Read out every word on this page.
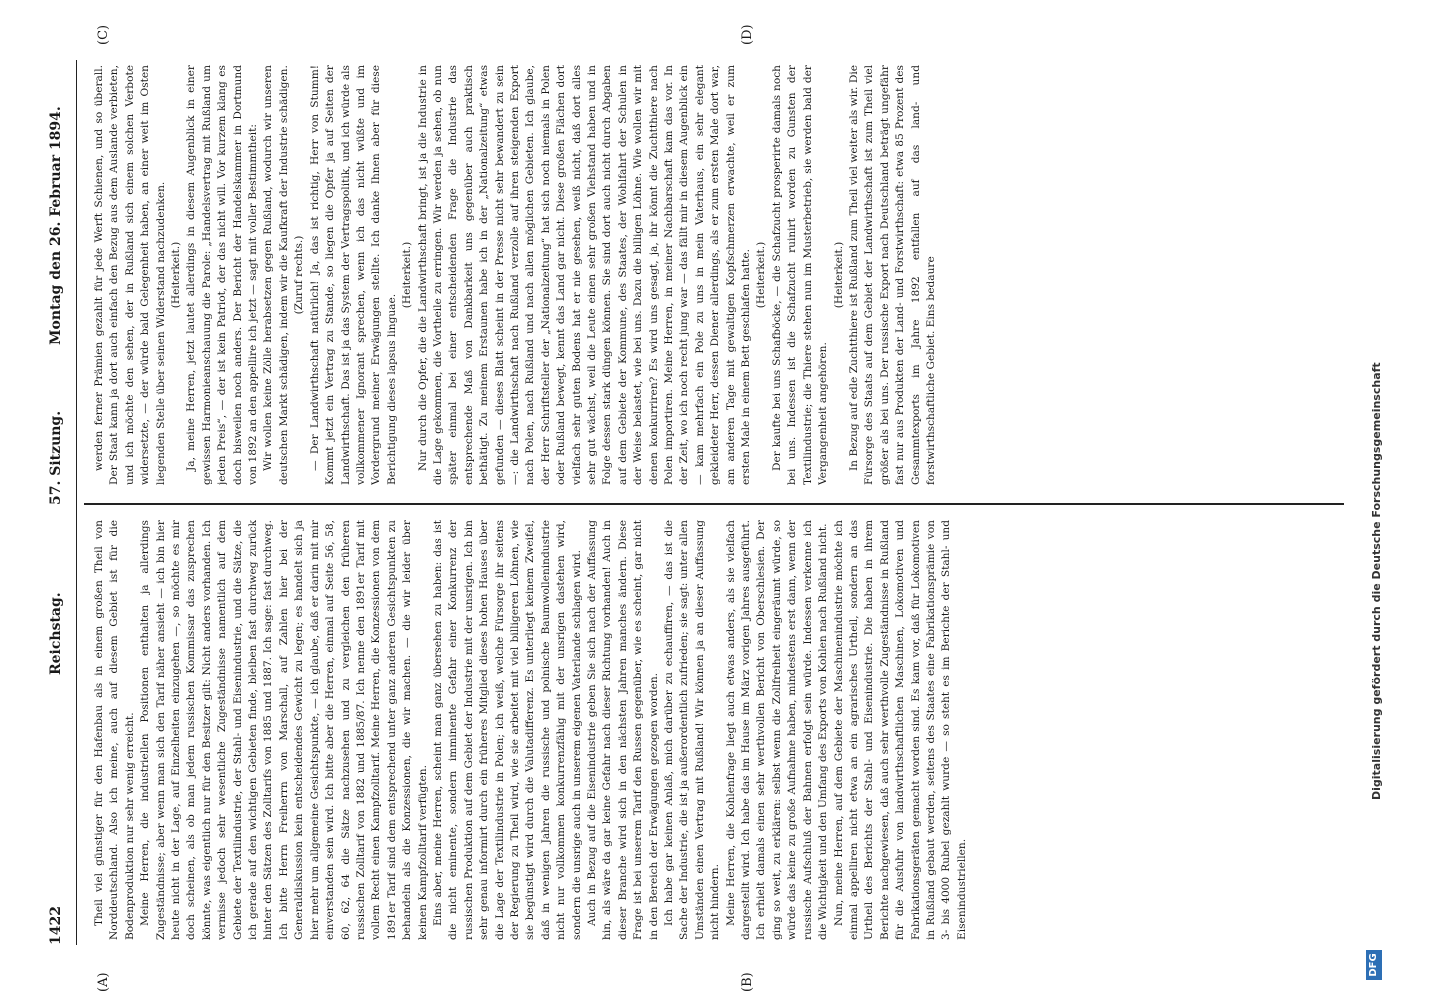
1422
Reichstag.
57. Sitzung.
Montag den 26. Februar 1894.
(A)	(B)
(C)	(D)

Theil viel günstiger für den Hafenbau als in einem großen Theil von Norddeutschland. Also ich meine, auch auf diesem Gebiet ist für die Bodenproduktion nur sehr wenig erreicht. Meine Herren, die industriellen Positionen enthalten ja allerdings Zugeständnisse; aber wenn man sich den Tarif näher ansieht — ich bin hier heute nicht in der Lage, auf Einzelheiten einzugehen —, so möchte es mir doch scheinen, als ob man jedem russischen Kommissar das zusprechen könnte, was eigentlich nur für den Besitzer gilt: Nicht anders vorhanden. Ich vermisse jedoch sehr wesentliche Zugeständnisse namentlich auf dem Gebiete der Textilindustrie, der Stahl- und Eisenindustrie, und die Sätze, die ich gerade auf den wichtigen Gebieten finde, bleiben fast durchweg zurück hinter den Sätzen des Zolltarifs von 1885 und 1887. Ich sage: fast durchweg. Ich bitte Herrn Freiherrn von Marschall, auf Zahlen hier bei der Generaldiskussion kein entscheidendes Gewicht zu legen; es handelt sich ja hier mehr um allgemeine Gesichtspunkte, — ich glaube, daß er darin mit mir einverstanden sein wird. Ich bitte aber die Herren, einmal auf Seite 56, 58, 60, 62, 64 die Sätze nachzusehen und zu vergleichen den früheren russischen Zolltarif von 1882 und 1885/87. Ich nenne den 1891er Tarif mit vollem Recht einen Kampfzolltarif. Meine Herren, die Konzessionen von dem 1891er Tarif sind dem entsprechend unter ganz anderen Gesichtspunkten zu behandeln als die Konzessionen, die wir machen. — die wir leider über keinen Kampfzolltarif verfügten. Eins aber, meine Herren, scheint man ganz übersehen zu haben: das ist die nicht eminente, sondern imminente Gefahr einer Konkurrenz der russischen Produktion auf dem Gebiet der Industrie mit der unsrigen. Ich bin sehr genau informirt durch ein früheres Mitglied dieses hohen Hauses über die Lage der Textilindustrie in Polen; ich weiß, welche Fürsorge ihr seitens der Regierung zu Theil wird, wie sie arbeitet mit viel billigeren Löhnen, wie sie begünstigt wird durch die Valutadifferenz. Es unterliegt keinem Zweifel, daß in wenigen Jahren die russische und polnische Baumwollenindustrie nicht nur vollkommen konkurrenzfähig mit der unsrigen dastehen wird, sondern die unsrige auch in unserem eigenen Vaterlande schlagen wird. Auch in Bezug auf die Eisenindustrie geben Sie sich nach der Auffassung hin, als wäre da gar keine Gefahr nach dieser Richtung vorhanden! Auch in dieser Branche wird sich in den nächsten Jahren manches ändern. Diese Frage ist bei unserem Tarif den Russen gegenüber, wie es scheint, gar nicht in den Bereich der Erwägungen gezogen worden. Ich habe gar keinen Anlaß, mich darüber zu echauffiren, — das ist die Sache der Industrie, die ist ja außerordentlich zufrieden; sie sagt: unter allen Umständen einen Vertrag mit Rußland! Wir können ja an dieser Auffassung nicht hindern. Meine Herren, die Kohlenfrage liegt auch etwas anders, als sie vielfach dargestellt wird. Ich habe das im Hause im März vorigen Jahres ausgeführt. Ich erhielt damals einen sehr werthvollen Bericht von Oberschlesien. Der ging so weit, zu erklären: selbst wenn die Zollfreiheit eingeräumt würde, so würde das keine zu große Aufnahme haben, mindestens erst dann, wenn der russische Aufschluß der Bahnen erfolgt sein würde. Indessen verkenne ich die Wichtigkeit und den Umfang des Exports von Kohlen nach Rußland nicht. Nun, meine Herren, auf dem Gebiete der Maschinenindustrie möchte ich einmal appelliren nicht etwa an ein agrarisches Urtheil, sondern an das Urtheil des Berichts der Stahl- und Eisenindustrie. Die haben in ihrem Berichte nachgewiesen, daß auch sehr werthvolle Zugeständnisse in Rußland für die Ausfuhr von landwirthschaftlichen Maschinen, Lokomotiven und Fabrikationsgeräten gemacht worden sind. Es kam vor, daß für Lokomotiven in Rußland gebaut werden, seitens des Staates eine Fabrikationsprämie von 3- bis 4000 Rubel gezahlt wurde — so steht es im Berichte der Stahl- und Eisenindustriellen.

werden ferner Prämien gezahlt für jede Werft Schienen, und so überall. Der Staat kann ja dort auch einfach den Bezug aus dem Auslande verbieten, und ich möchte den sehen, der in Rußland sich einem solchen Verbote widersetzte, — der würde bald Gelegenheit haben, an einer weit im Osten liegenden Stelle über seinen Widerstand nachzudenken. (Heiterkeit.) Ja, meine Herren, jetzt lautet allerdings in diesem Augenblick in einer gewissen Harmonieanschauung die Parole: „Handelsvertrag mit Rußland um jeden Preis“, — der ist kein Patriot, der das nicht will. Vor kurzem klang es doch bisweilen noch anders. Der Bericht der Handelskammer in Dortmund von 1892 an den appellire ich jetzt — sagt mit voller Bestimmtheit: Wir wollen keine Zölle herabsetzen gegen Rußland, wodurch wir unseren deutschen Markt schädigen, indem wir die Kaufkraft der Industrie schädigen. (Zuruf rechts.) — Der Landwirthschaft natürlich! Ja, das ist richtig, Herr von Stumm! Kommt jetzt ein Vertrag zu Stande, so liegen die Opfer ja auf Seiten der Landwirthschaft. Das ist ja das System der Vertragspolitik, und ich würde als vollkommener Ignorant sprechen, wenn ich das nicht wüßte und im Vordergrund meiner Erwägungen stellte. Ich danke Ihnen aber für diese Berichtigung dieses lapsus linguae.

(Heiterkeit.) Nur durch die Opfer, die die Landwirthschaft bringt, ist ja die Industrie in die Lage gekommen, die Vortheile zu erringen. Wir werden ja sehen, ob nun später einmal bei einer entscheidenden Frage die Industrie das entsprechende Maß von Dankbarkeit uns gegenüber auch praktisch bethätigt. Zu meinem Erstaunen habe ich in der „Nationalzeitung“ etwas gefunden — dieses Blatt scheint in der Presse nicht sehr bewandert zu sein —: die Landwirthschaft nach Rußland verzolle auf ihren steigenden Export nach Polen, nach Rußland und nach allen möglichen Gebieten. Ich glaube, der Herr Schriftsteller der „Nationalzeitung“ hat sich noch niemals in Polen oder Rußland bewegt, kennt das Land gar nicht. Diese großen Flächen dort vielfach sehr guten Bodens hat er nie gesehen, weiß nicht, daß dort alles sehr gut wächst, weil die Leute einen sehr großen Viehstand haben und in Folge dessen stark düngen können. Sie sind dort auch nicht durch Abgaben auf dem Gebiete der Kommune, des Staates, der Wohlfahrt der Schulen in der Weise belastet, wie bei uns. Dazu die billigen Löhne. Wie wollen wir mit denen konkurriren? Es wird uns gesagt, ja, ihr könnt die Zuchtthiere nach Polen importiren. Meine Herren, in meiner Nachbarschaft kam das vor. In der Zeit, wo ich noch recht jung war — das fällt mir in diesem Augenblick ein — kam mehrfach ein Pole zu uns in mein Vaterhaus, ein sehr elegant gekleideter Herr, dessen Diener allerdings, als er zum ersten Male dort war, am anderen Tage mit gewaltigen Kopfschmerzen erwachte, weil er zum ersten Male in einem Bett geschlafen hatte. (Heiterkeit.) Der kaufte bei uns Schafböcke, — die Schafzucht prosperirte damals noch bei uns. Indessen ist die Schafzucht ruinirt worden zu Gunsten der Textilindustrie; die Thiere stehen nun im Musterbetrieb, sie werden bald der Vergangenheit angehören.

(Heiterkeit.) In Bezug auf edle Zuchtthiere ist Rußland zum Theil viel weiter als wir. Die Fürsorge des Staats auf dem Gebiet der Landwirthschaft ist zum Theil viel größer als bei uns. Der russische Export nach Deutschland beträgt ungefähr fast nur aus Produkten der Land- und Forstwirthschaft: etwa 85 Prozent des Gesammtexports im Jahre 1892 entfallen auf das land- und forstwirthschaftliche Gebiet. Eins bedaure

DFG
Digitalisierung gefördert durch die Deutsche Forschungsgemeinschaft
